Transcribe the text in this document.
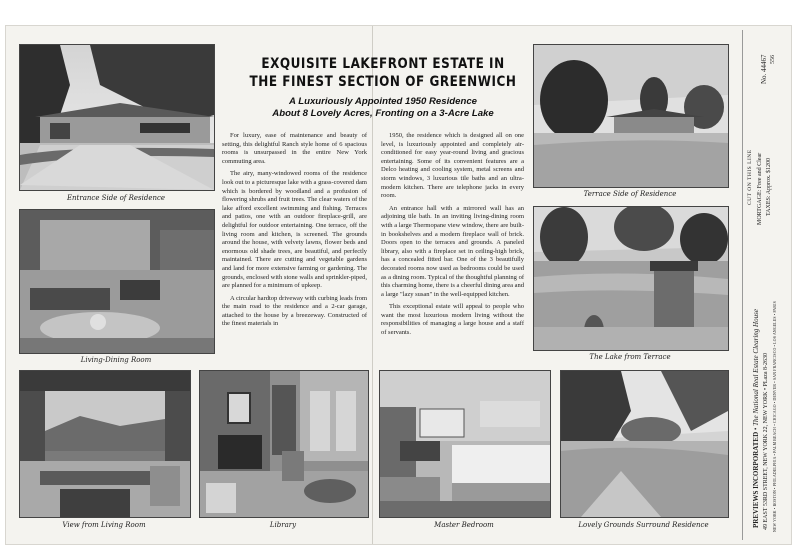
Entrance Side of Residence
Living-Dining Room
View from Living Room	Library	Master Bedroom
Terrace Side of Residence
The Lake from Terrace
Lovely Grounds Surround Residence
EXQUISITE LAKEFRONT ESTATE IN
THE FINEST SECTION OF GREENWICH
A Luxuriously Appointed 1950 Residence
About 8 Lovely Acres, Fronting on a 3-Acre Lake

For luxury, ease of maintenance and beauty of setting, this delightful Ranch style home of 6 spacious rooms is unsurpassed in the entire New York commuting area.

The airy, many-windowed rooms of the residence look out to a picturesque lake with a grass-covered dam which is bordered by woodland and a profusion of flowering shrubs and fruit trees. The clear waters of the lake afford excellent swimming and fishing. Terraces and patios, one with an outdoor fireplace-grill, are delightful for outdoor entertaining. One terrace, off the living room and kitchen, is screened. The grounds around the house, with velvety lawns, flower beds and enormous old shade trees, are beautiful, and perfectly maintained. There are cutting and vegetable gardens and land for more extensive farming or gardening. The grounds, enclosed with stone walls and sprinkler-piped, are planned for a minimum of upkeep.

A circular hardtop driveway with curbing leads from the main road to the residence and a 2-car garage, attached to the house by a breezeway. Constructed of the finest materials in

1950, the residence which is designed all on one level, is luxuriously appointed and completely air-conditioned for easy year-round living and gracious entertaining. Some of its convenient features are a Delco heating and cooling system, metal screens and storm windows, 3 luxurious tile baths and an ultra-modern kitchen. There are telephone jacks in every room.

An entrance hall with a mirrored wall has an adjoining tile bath. In an inviting living-dining room with a large Thermopane view window, there are built-in bookshelves and a modern fireplace wall of brick. Doors open to the terraces and grounds. A paneled library, also with a fireplace set in ceiling-high brick, has a concealed fitted bar. One of the 3 beautifully decorated rooms now used as bedrooms could be used as a dining room. Typical of the thoughtful planning of this charming home, there is a cheerful dining area and a large "lazy susan" in the well-equipped kitchen.

This exceptional estate will appeal to people who want the most luxurious modern living without the responsibilities of managing a large house and a staff of servants.

No. 44467 556
CUT ON THIS LINE MORTGAGE: Free and Clear TAXES: Approx. $1200
PREVIEWS INCORPORATED • The National Real Estate Clearing House
49 EAST 53RD STREET, NEW YORK 22, NEW YORK • PLaza 8-2630 NEW YORK • BOSTON • PHILADELPHIA • PALM BEACH • CHICAGO • DENVER • SAN FRANCISCO • LOS ANGELES • PARIS
